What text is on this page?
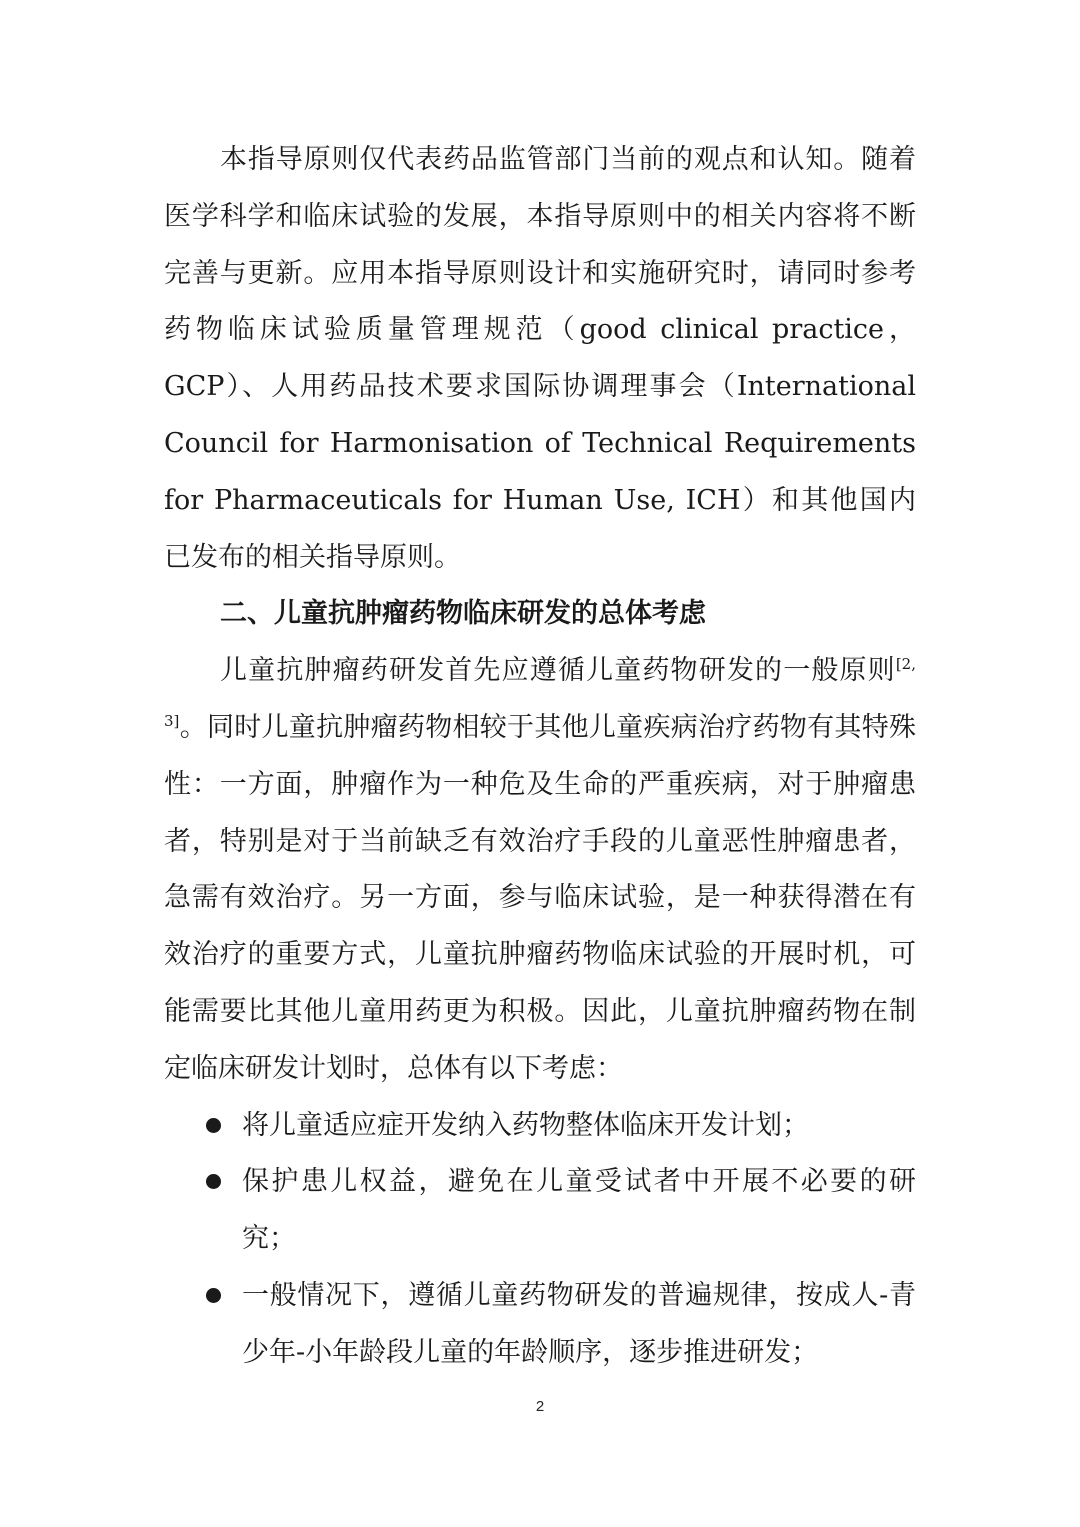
本指导原则仅代表药品监管部门当前的观点和认知。随着医学科学和临床试验的发展，本指导原则中的相关内容将不断完善与更新。应用本指导原则设计和实施研究时，请同时参考药物临床试验质量管理规范（good clinical practice，GCP）、人用药品技术要求国际协调理事会（International Council for Harmonisation of Technical Requirements for Pharmaceuticals for Human Use, ICH）和其他国内已发布的相关指导原则。

二、儿童抗肿瘤药物临床研发的总体考虑

儿童抗肿瘤药研发首先应遵循儿童药物研发的一般原则[2, 3]。同时儿童抗肿瘤药物相较于其他儿童疾病治疗药物有其特殊性：一方面，肿瘤作为一种危及生命的严重疾病，对于肿瘤患者，特别是对于当前缺乏有效治疗手段的儿童恶性肿瘤患者，急需有效治疗。另一方面，参与临床试验，是一种获得潜在有效治疗的重要方式，儿童抗肿瘤药物临床试验的开展时机，可能需要比其他儿童用药更为积极。因此，儿童抗肿瘤药物在制定临床研发计划时，总体有以下考虑：

将儿童适应症开发纳入药物整体临床开发计划；
保护患儿权益，避免在儿童受试者中开展不必要的研究；
一般情况下，遵循儿童药物研发的普遍规律，按成人-青少年-小年龄段儿童的年龄顺序，逐步推进研发；
2
